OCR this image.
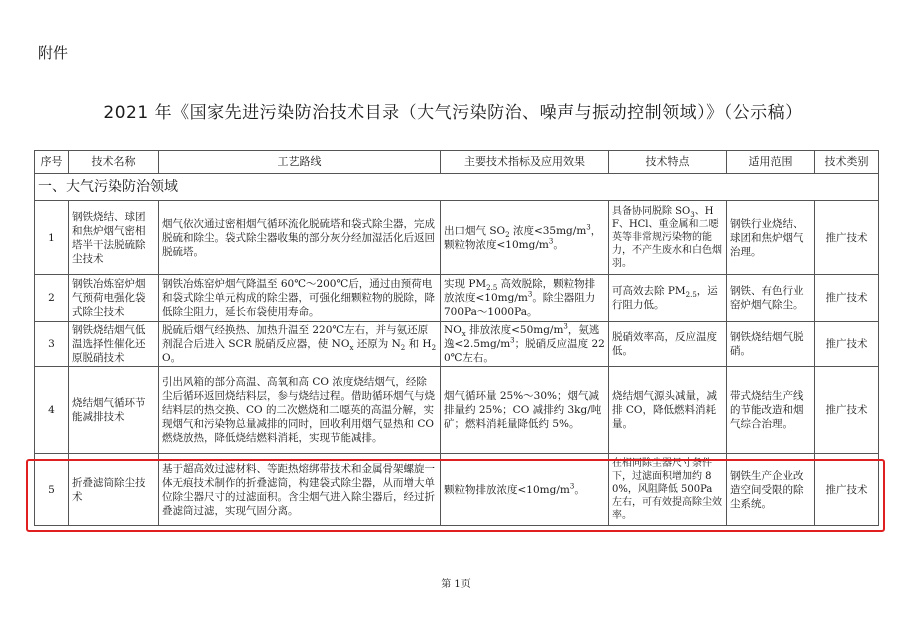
附件
2021 年《国家先进污染防治技术目录（大气污染防治、噪声与振动控制领域）》（公示稿）
序号	技术名称	工艺路线	主要技术指标及应用效果	技术特点	适用范围	技术类别
一、大气污染防治领域						
1	钢铁烧结、球团和焦炉烟气密相塔半干法脱硫除尘技术	烟气依次通过密相烟气循环流化脱硫塔和袋式除尘器，完成脱硫和除尘。袋式除尘器收集的部分灰分经加湿活化后返回脱硫塔。	出口烟气 $SO_2$ 浓度$<35mg/m^3$，颗粒物浓度$<10mg/m^3$。	具备协同脱除 $SO_3$、HF、HCl、重金属和二噁英等非常规污染物的能力，不产生废水和白色烟羽。	钢铁行业烧结、球团和焦炉烟气治理。	推广技术
2	钢铁冶炼窑炉烟气预荷电强化袋式除尘技术	钢铁冶炼窑炉烟气降温至 60℃～200℃后，通过由预荷电和袋式除尘单元构成的除尘器，可强化细颗粒物的脱除，降低除尘阻力，延长布袋使用寿命。	实现 $PM_{2.5}$ 高效脱除，颗粒物排放浓度$<10mg/m^3$。除尘器阻力 700Pa～1000Pa。	可高效去除 $PM_{2.5}$，运行阻力低。	钢铁、有色行业窑炉烟气除尘。	推广技术
3	钢铁烧结烟气低温选择性催化还原脱硝技术	脱硫后烟气经换热、加热升温至 220℃左右，并与氨还原剂混合后进入 SCR 脱硝反应器，使 $NO_x$ 还原为 $N_2$ 和 $H_2O$。	$NO_x$ 排放浓度$<50mg/m^3$，氨逃逸$<2.5mg/m^3$；脱硝反应温度 220℃左右。	脱硝效率高，反应温度低。	钢铁烧结烟气脱硝。	推广技术
4	烧结烟气循环节能减排技术	引出风箱的部分高温、高氧和高 CO 浓度烧结烟气，经除尘后循环返回烧结料层，参与烧结过程。借助循环烟气与烧结料层的热交换、CO 的二次燃烧和二噁英的高温分解，实现烟气和污染物总量减排的同时，回收利用烟气显热和 CO 燃烧放热，降低烧结燃料消耗，实现节能减排。	烟气循环量 25%～30%；烟气减排量约 25%；CO 减排约 3kg/吨矿；燃料消耗量降低约 5%。	烧结烟气源头减量，减排 CO，降低燃料消耗量。	带式烧结生产线的节能改造和烟气综合治理。	推广技术
5	折叠滤筒除尘技术	基于超高效过滤材料、等距热熔绑带技术和金属骨架螺旋一体无痕技术制作的折叠滤筒，构建袋式除尘器，从而增大单位除尘器尺寸的过滤面积。含尘烟气进入除尘器后，经过折叠滤筒过滤，实现气固分离。	颗粒物排放浓度$<10mg/m^3$。	在相同除尘器尺寸条件下，过滤面积增加约 80%，风阻降低 500Pa 左右，可有效提高除尘效率。	钢铁生产企业改造空间受限的除尘系统。	推广技术
第 1页
